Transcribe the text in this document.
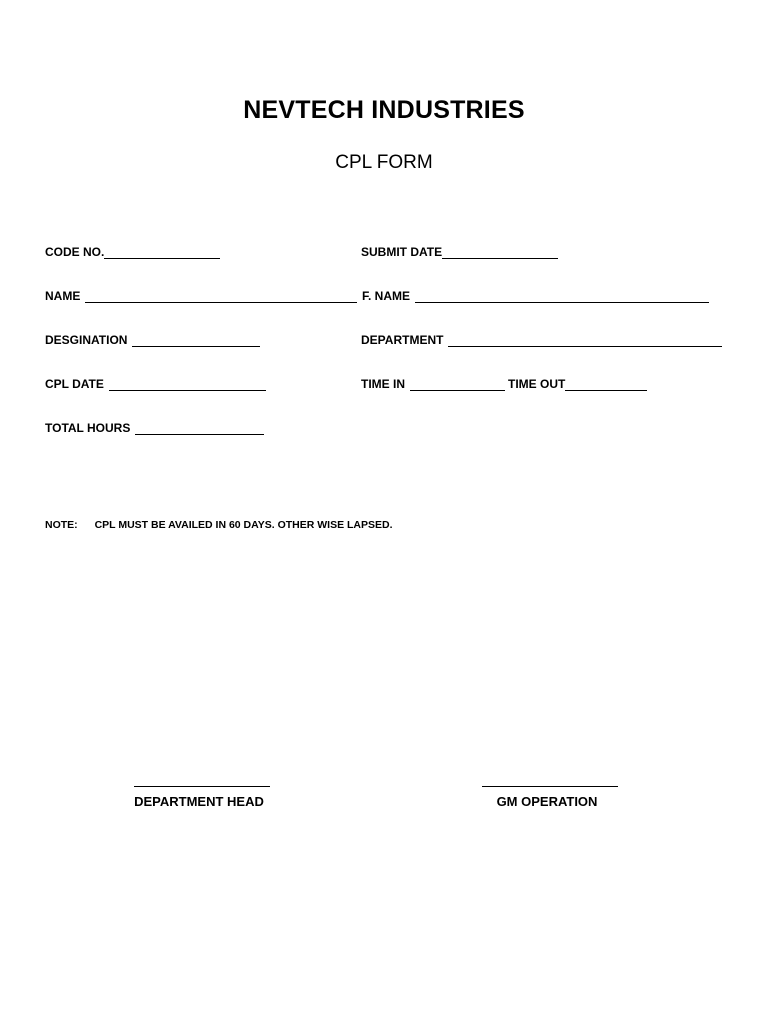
NEVTECH INDUSTRIES
CPL FORM
CODE NO.	SUBMIT DATE
NAME	F. NAME
DESGINATION	DEPARTMENT
CPL DATE	TIME IN	TIME OUT
TOTAL HOURS
NOTE: CPL MUST BE AVAILED IN 60 DAYS. OTHER WISE LAPSED.
DEPARTMENT HEAD	GM OPERATION
